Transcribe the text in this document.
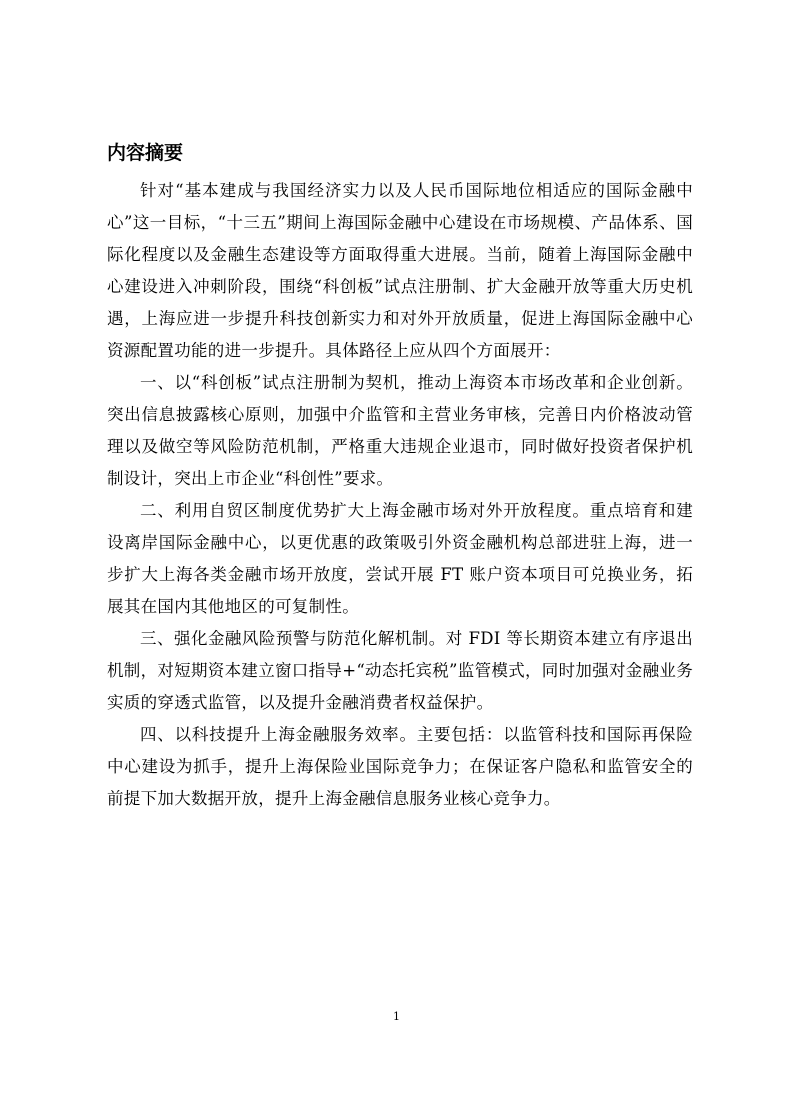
内容摘要

针对“基本建成与我国经济实力以及人民币国际地位相适应的国际金融中心”这一目标，“十三五”期间上海国际金融中心建设在市场规模、产品体系、国际化程度以及金融生态建设等方面取得重大进展。当前，随着上海国际金融中心建设进入冲刺阶段，围绕“科创板”试点注册制、扩大金融开放等重大历史机遇，上海应进一步提升科技创新实力和对外开放质量，促进上海国际金融中心资源配置功能的进一步提升。具体路径上应从四个方面展开：

一、以“科创板”试点注册制为契机，推动上海资本市场改革和企业创新。突出信息披露核心原则，加强中介监管和主营业务审核，完善日内价格波动管理以及做空等风险防范机制，严格重大违规企业退市，同时做好投资者保护机制设计，突出上市企业“科创性”要求。

二、利用自贸区制度优势扩大上海金融市场对外开放程度。重点培育和建设离岸国际金融中心，以更优惠的政策吸引外资金融机构总部进驻上海，进一步扩大上海各类金融市场开放度，尝试开展 FT 账户资本项目可兑换业务，拓展其在国内其他地区的可复制性。

三、强化金融风险预警与防范化解机制。对 FDI 等长期资本建立有序退出机制，对短期资本建立窗口指导+“动态托宾税”监管模式，同时加强对金融业务实质的穿透式监管，以及提升金融消费者权益保护。

四、以科技提升上海金融服务效率。主要包括：以监管科技和国际再保险中心建设为抓手，提升上海保险业国际竞争力；在保证客户隐私和监管安全的前提下加大数据开放，提升上海金融信息服务业核心竞争力。

1
